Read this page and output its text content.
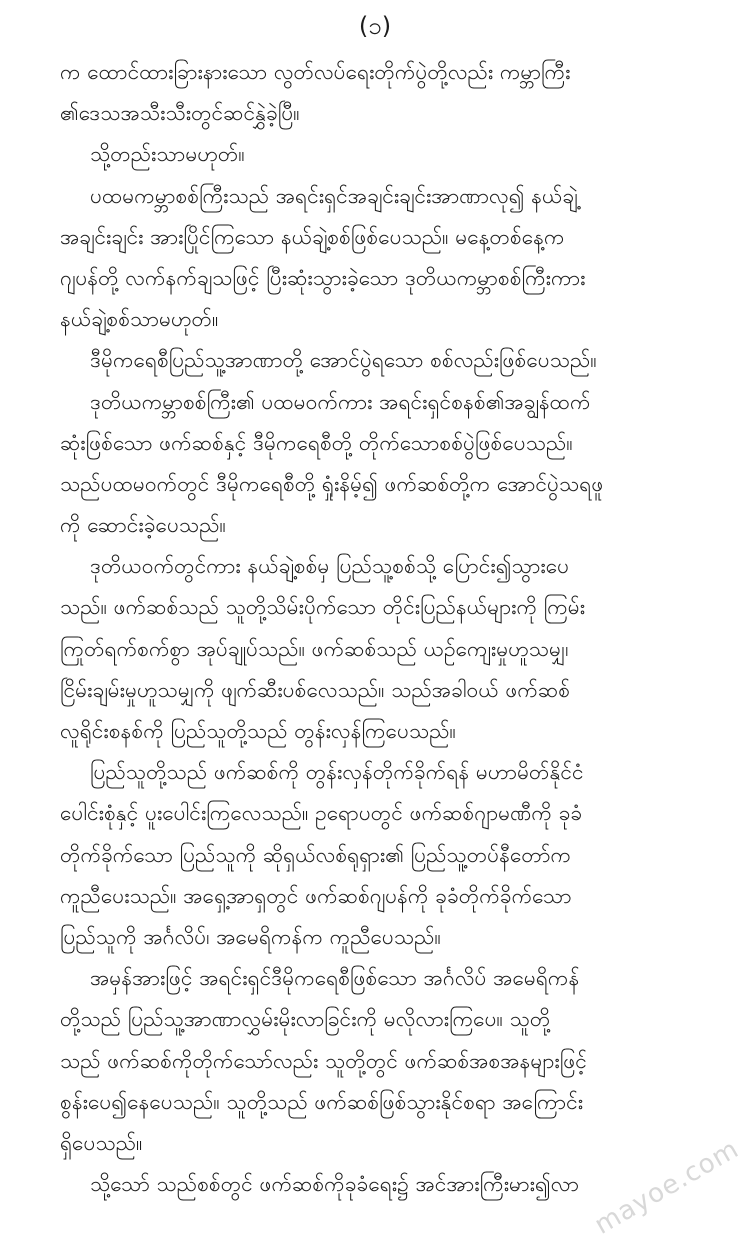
(၁)
က ထောင်ထားခြားနားသော လွတ်လပ်ရေးတိုက်ပွဲတို့လည်း ကမ္ဘာကြီး
၏ဒေသအသီးသီးတွင်ဆင်နွှဲခဲ့ပြီ။
သို့တည်းသာမဟုတ်။
ပထမကမ္ဘာစစ်ကြီးသည် အရင်းရှင်အချင်းချင်းအာဏာလု၍ နယ်ချဲ့
အချင်းချင်း အားပြိုင်ကြသော နယ်ချဲ့စစ်ဖြစ်ပေသည်။ မနေ့တစ်နေ့က
ဂျပန်တို့ လက်နက်ချသဖြင့် ပြီးဆုံးသွားခဲ့သော ဒုတိယကမ္ဘာစစ်ကြီးကား
နယ်ချဲ့စစ်သာမဟုတ်။
ဒီမိုကရေစီပြည်သူ့အာဏာတို့ အောင်ပွဲရသော စစ်လည်းဖြစ်ပေသည်။
ဒုတိယကမ္ဘာစစ်ကြီး၏ ပထမဝက်ကား အရင်းရှင်စနစ်၏အချွန်ထက်
ဆုံးဖြစ်သော ဖက်ဆစ်နှင့် ဒီမိုကရေစီတို့ တိုက်သောစစ်ပွဲဖြစ်ပေသည်။
သည်ပထမဝက်တွင် ဒီမိုကရေစီတို့ ရှုံးနိမ့်၍ ဖက်ဆစ်တို့က အောင်ပွဲသရဖူ
ကို ဆောင်းခဲ့ပေသည်။
ဒုတိယဝက်တွင်ကား နယ်ချဲ့စစ်မှ ပြည်သူ့စစ်သို့ ပြောင်း၍သွားပေ
သည်။ ဖက်ဆစ်သည် သူတို့သိမ်းပိုက်သော တိုင်းပြည်နယ်များကို ကြမ်း
ကြုတ်ရက်စက်စွာ အုပ်ချုပ်သည်။ ဖက်ဆစ်သည် ယဉ်ကျေးမှုဟူသမျှ၊
ငြိမ်းချမ်းမှုဟူသမျှကို ဖျက်ဆီးပစ်လေသည်။ သည်အခါဝယ် ဖက်ဆစ်
လူရိုင်းစနစ်ကို ပြည်သူတို့သည် တွန်းလှန်ကြပေသည်။
ပြည်သူတို့သည် ဖက်ဆစ်ကို တွန်းလှန်တိုက်ခိုက်ရန် မဟာမိတ်နိုင်ငံ
ပေါင်းစုံနှင့် ပူးပေါင်းကြလေသည်။ ဥရောပတွင် ဖက်ဆစ်ဂျာမဏီကို ခုခံ
တိုက်ခိုက်သော ပြည်သူကို ဆိုရှယ်လစ်ရုရှား၏ ပြည်သူ့တပ်နီတော်က
ကူညီပေးသည်။ အရှေ့အာရှတွင် ဖက်ဆစ်ဂျပန်ကို ခုခံတိုက်ခိုက်သော
ပြည်သူကို အင်္ဂလိပ်၊ အမေရိကန်က ကူညီပေသည်။
အမှန်အားဖြင့် အရင်းရှင်ဒီမိုကရေစီဖြစ်သော အင်္ဂလိပ် အမေရိကန်
တို့သည် ပြည်သူ့အာဏာလွှမ်းမိုးလာခြင်းကို မလိုလားကြပေ။ သူတို့
သည် ဖက်ဆစ်ကိုတိုက်သော်လည်း သူတို့တွင် ဖက်ဆစ်အစအနများဖြင့်
စွန်းပေ၍နေပေသည်။ သူတို့သည် ဖက်ဆစ်ဖြစ်သွားနိုင်စရာ အကြောင်း
ရှိပေသည်။
သို့သော် သည်စစ်တွင် ဖက်ဆစ်ကိုခုခံရေး၌ အင်အားကြီးမား၍လာ mayoe.com
